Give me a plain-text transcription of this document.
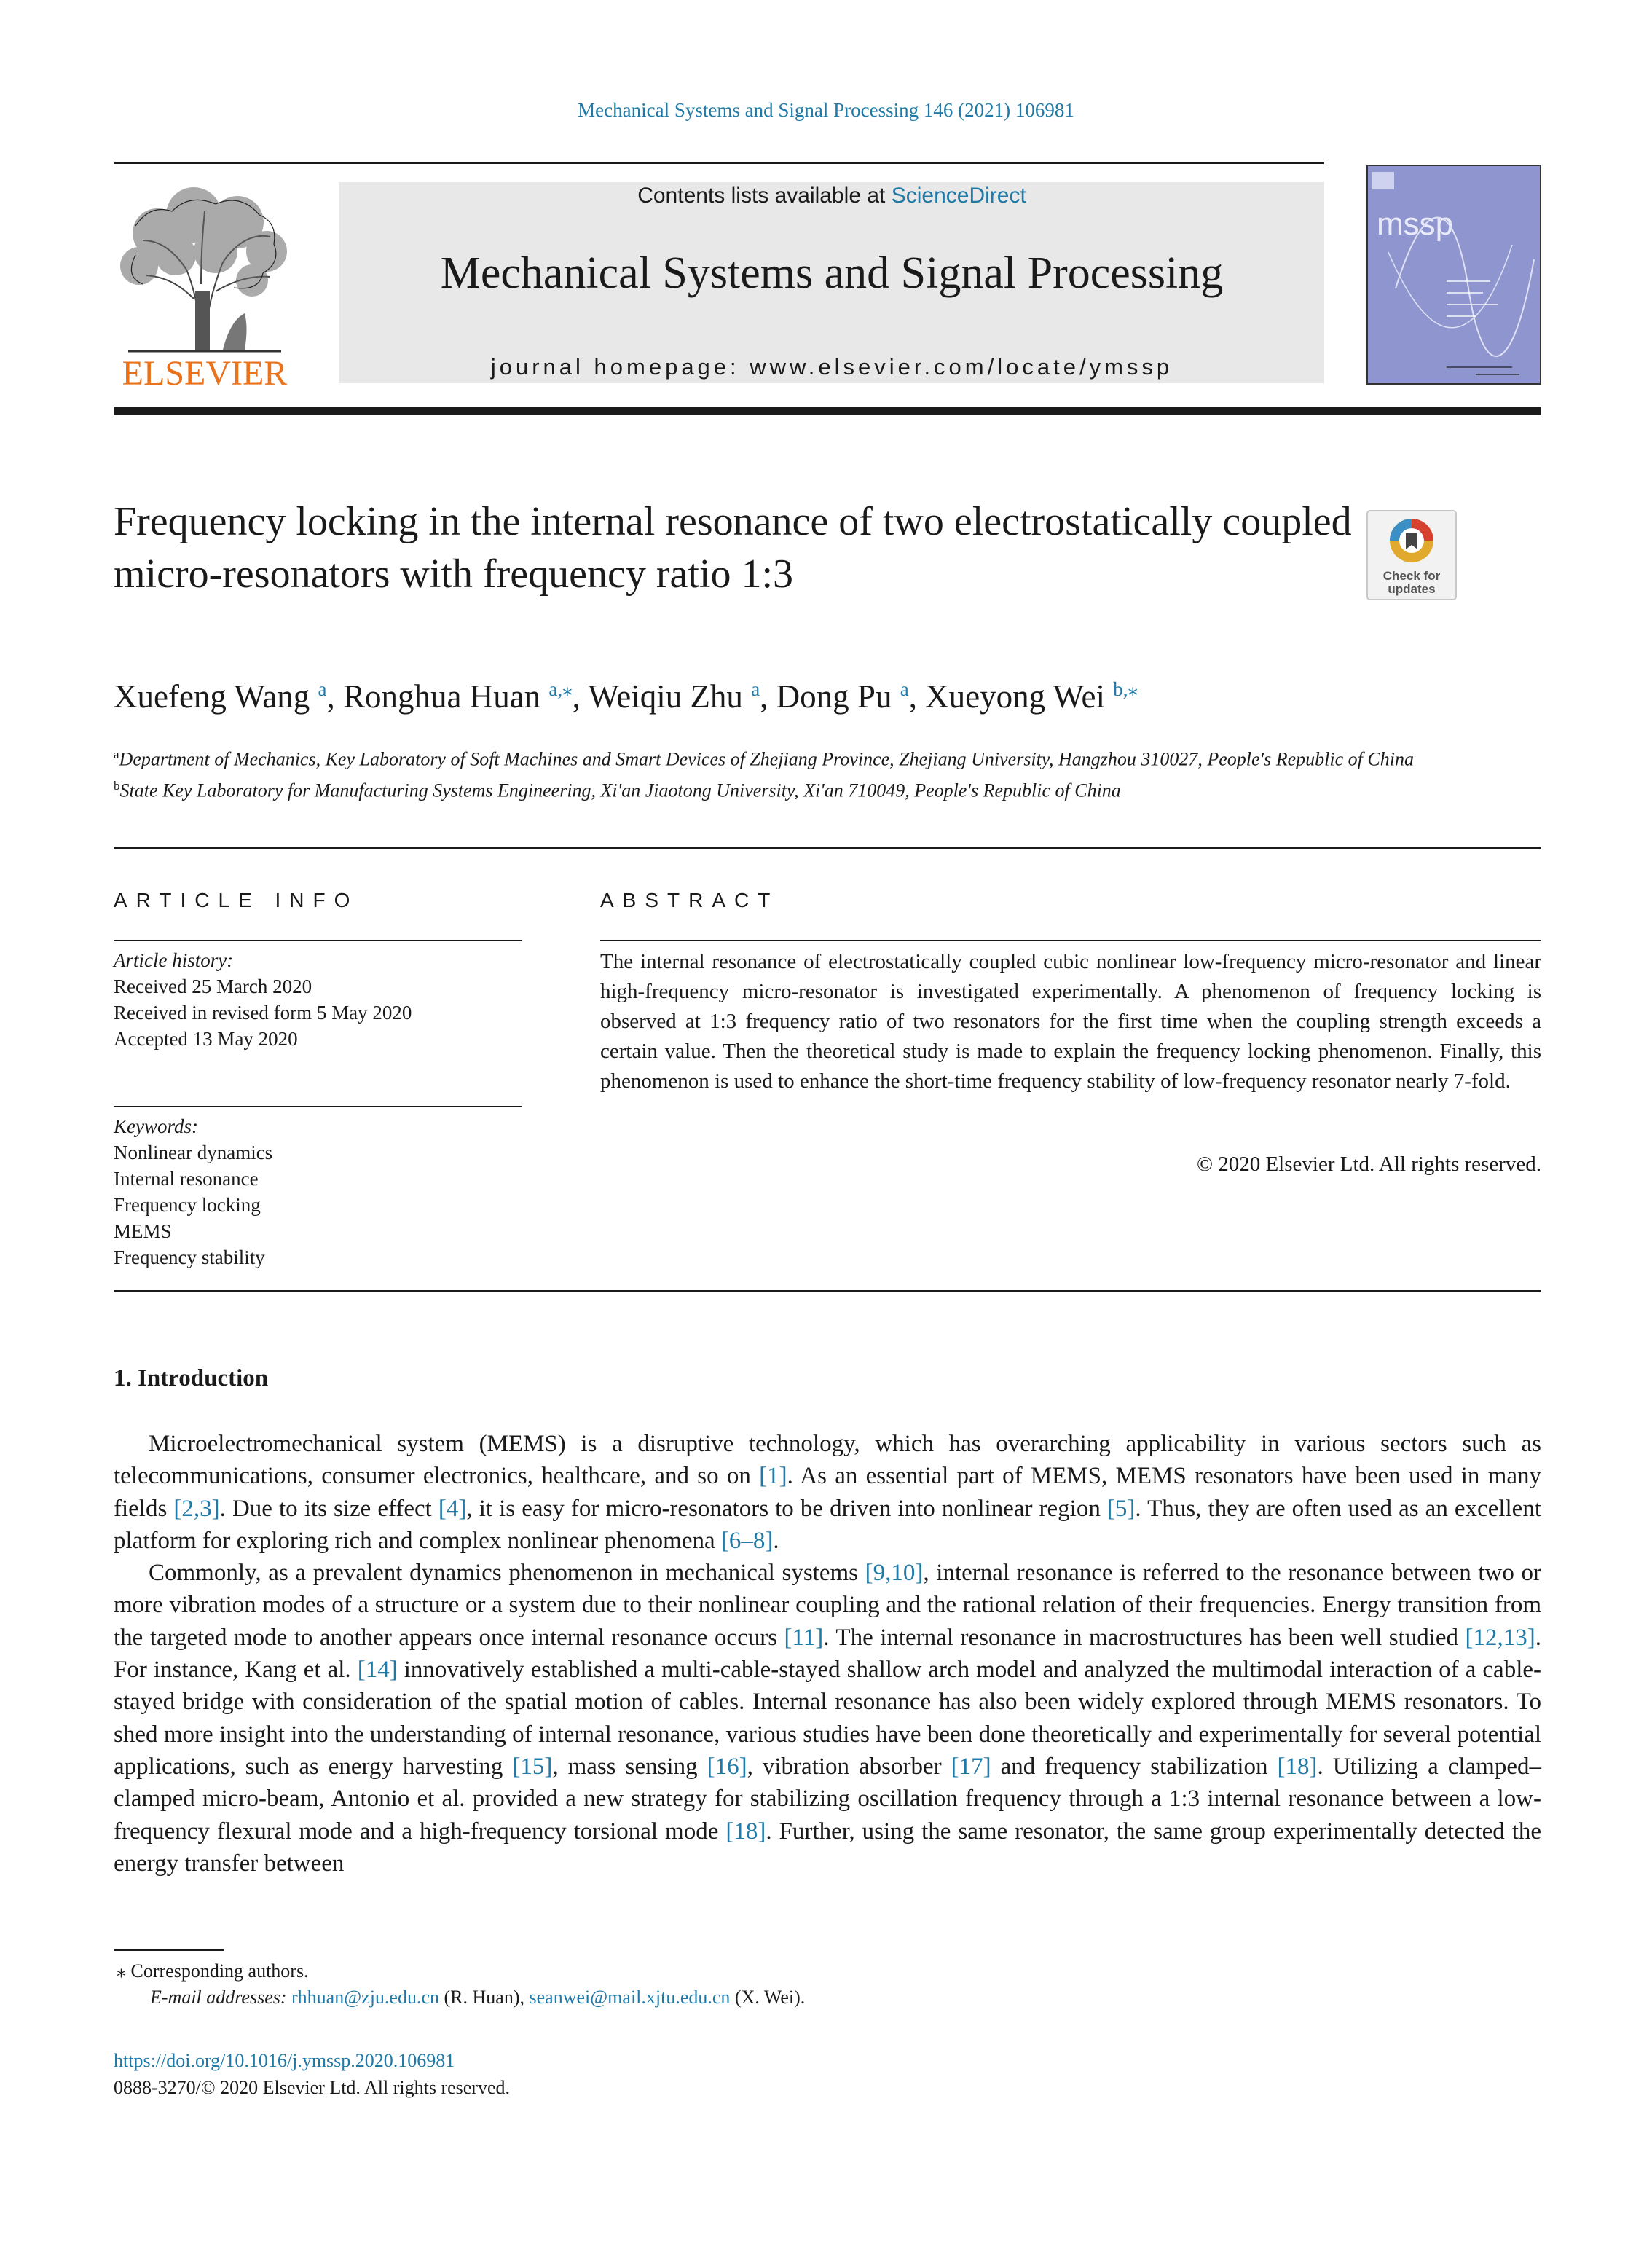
Mechanical Systems and Signal Processing 146 (2021) 106981
ELSEVIER
Contents lists available at ScienceDirect
Mechanical Systems and Signal Processing
journal homepage: www.elsevier.com/locate/ymssp
mssp
Frequency locking in the internal resonance of two electrostatically coupled micro-resonators with frequency ratio 1:3	Check for
updates
Xuefeng Wang $^a$, Ronghua Huan $^{a,⁎}$, Weiqiu Zhu $^a$, Dong Pu $^a$, Xueyong Wei $^{b,⁎}$
$^a$Department of Mechanics, Key Laboratory of Soft Machines and Smart Devices of Zhejiang Province, Zhejiang University, Hangzhou 310027, People's Republic of China
$^b$State Key Laboratory for Manufacturing Systems Engineering, Xi'an Jiaotong University, Xi'an 710049, People's Republic of China
ARTICLE INFO
Article history:
Received 25 March 2020
Received in revised form 5 May 2020
Accepted 13 May 2020
Keywords:
Nonlinear dynamics
Internal resonance
Frequency locking
MEMS
Frequency stability
ABSTRACT
The internal resonance of electrostatically coupled cubic nonlinear low-frequency micro-resonator and linear high-frequency micro-resonator is investigated experimentally. A phenomenon of frequency locking is observed at 1:3 frequency ratio of two resonators for the first time when the coupling strength exceeds a certain value. Then the theoretical study is made to explain the frequency locking phenomenon. Finally, this phenomenon is used to enhance the short-time frequency stability of low-frequency resonator nearly 7-fold.
© 2020 Elsevier Ltd. All rights reserved.
1. Introduction

Microelectromechanical system (MEMS) is a disruptive technology, which has overarching applicability in various sectors such as telecommunications, consumer electronics, healthcare, and so on [1]. As an essential part of MEMS, MEMS resonators have been used in many fields [2,3]. Due to its size effect [4], it is easy for micro-resonators to be driven into nonlinear region [5]. Thus, they are often used as an excellent platform for exploring rich and complex nonlinear phenomena [6–8].

Commonly, as a prevalent dynamics phenomenon in mechanical systems [9,10], internal resonance is referred to the resonance between two or more vibration modes of a structure or a system due to their nonlinear coupling and the rational relation of their frequencies. Energy transition from the targeted mode to another appears once internal resonance occurs [11]. The internal resonance in macrostructures has been well studied [12,13]. For instance, Kang et al. [14] innovatively established a multi-cable-stayed shallow arch model and analyzed the multimodal interaction of a cable-stayed bridge with consideration of the spatial motion of cables. Internal resonance has also been widely explored through MEMS resonators. To shed more insight into the understanding of internal resonance, various studies have been done theoretically and experimentally for several potential applications, such as energy harvesting [15], mass sensing [16], vibration absorber [17] and frequency stabilization [18]. Utilizing a clamped–clamped micro-beam, Antonio et al. provided a new strategy for stabilizing oscillation frequency through a 1:3 internal resonance between a low-frequency flexural mode and a high-frequency torsional mode [18]. Further, using the same resonator, the same group experimentally detected the energy transfer between

⁎ Corresponding authors.
E-mail addresses: rhhuan@zju.edu.cn (R. Huan), seanwei@mail.xjtu.edu.cn (X. Wei).
https://doi.org/10.1016/j.ymssp.2020.106981
0888-3270/© 2020 Elsevier Ltd. All rights reserved.
